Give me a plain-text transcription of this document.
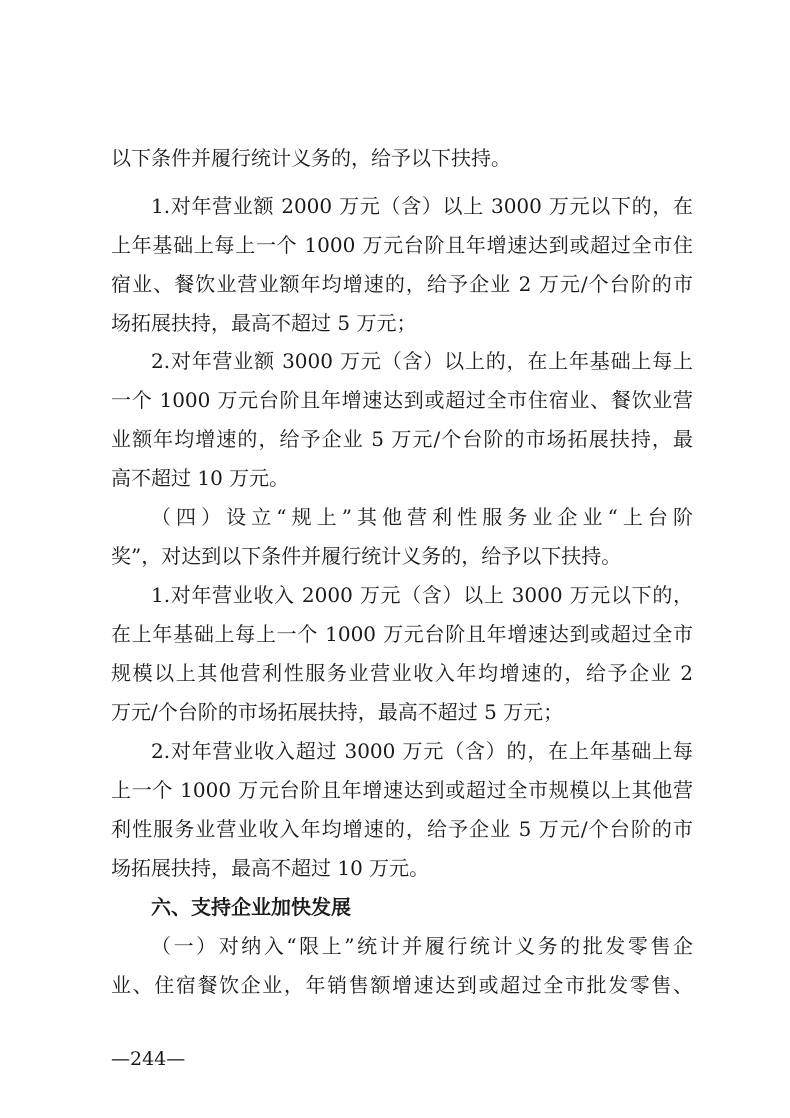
以下条件并履行统计义务的，给予以下扶持。
1.对年营业额 2000 万元（含）以上 3000 万元以下的，在
上年基础上每上一个 1000 万元台阶且年增速达到或超过全市住
宿业、餐饮业营业额年均增速的，给予企业 2 万元/个台阶的市
场拓展扶持，最高不超过 5 万元；
2.对年营业额 3000 万元（含）以上的，在上年基础上每上
一个 1000 万元台阶且年增速达到或超过全市住宿业、餐饮业营
业额年均增速的，给予企业 5 万元/个台阶的市场拓展扶持，最
高不超过 10 万元。
（四）设立“规上”其他营利性服务业企业“上台阶
奖”，对达到以下条件并履行统计义务的，给予以下扶持。
1.对年营业收入 2000 万元（含）以上 3000 万元以下的，
在上年基础上每上一个 1000 万元台阶且年增速达到或超过全市
规模以上其他营利性服务业营业收入年均增速的，给予企业 2
万元/个台阶的市场拓展扶持，最高不超过 5 万元；
2.对年营业收入超过 3000 万元（含）的，在上年基础上每
上一个 1000 万元台阶且年增速达到或超过全市规模以上其他营
利性服务业营业收入年均增速的，给予企业 5 万元/个台阶的市
场拓展扶持，最高不超过 10 万元。
六、支持企业加快发展
（一）对纳入“限上”统计并履行统计义务的批发零售企
业、住宿餐饮企业，年销售额增速达到或超过全市批发零售、
—244—
